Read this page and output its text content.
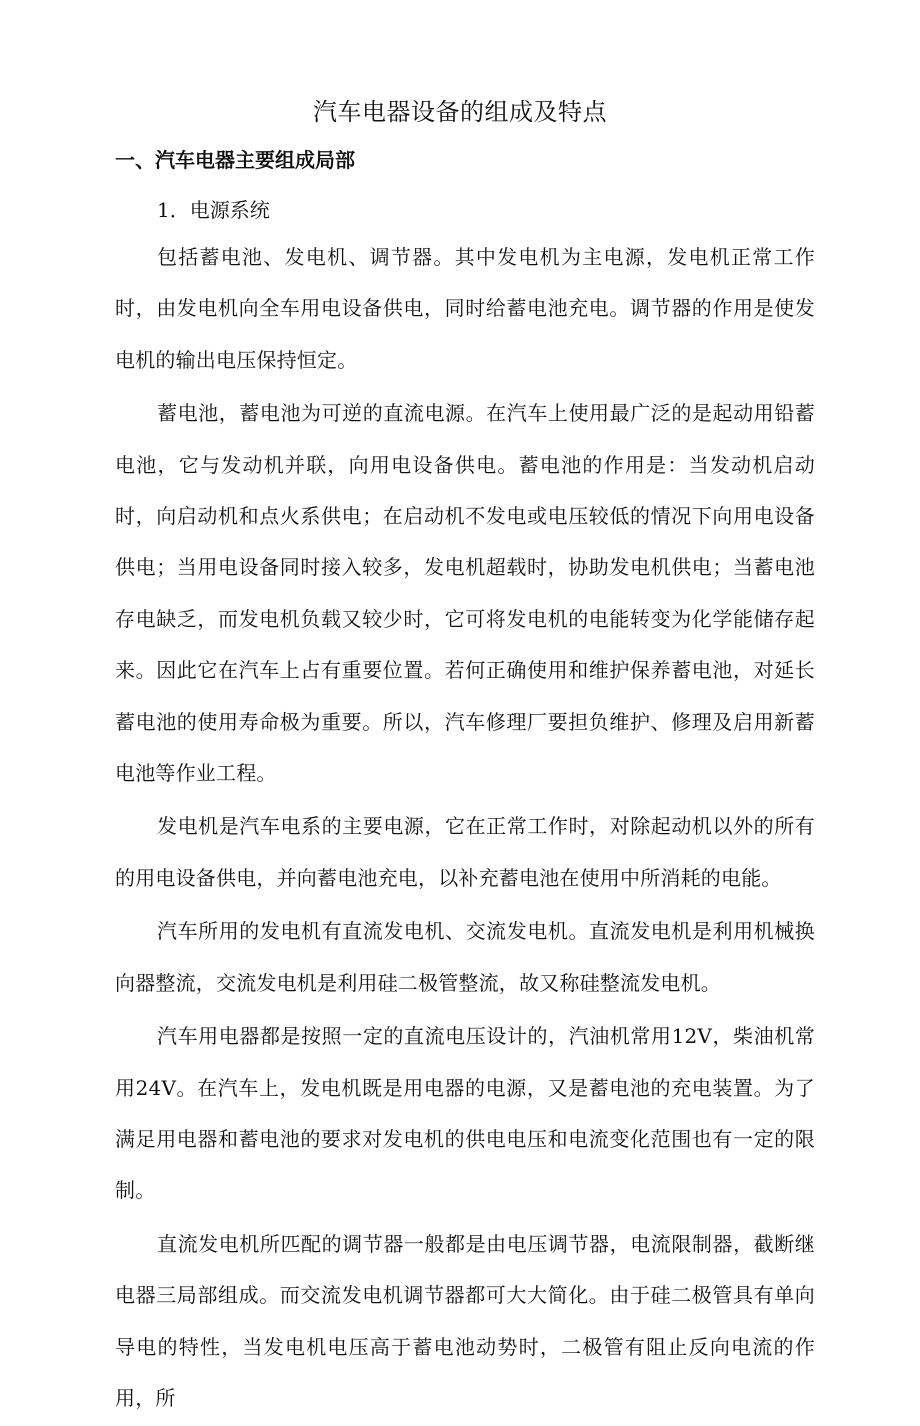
汽车电器设备的组成及特点
一、汽车电器主要组成局部
1．电源系统

包括蓄电池、发电机、调节器。其中发电机为主电源，发电机正常工作时，由发电机向全车用电设备供电，同时给蓄电池充电。调节器的作用是使发电机的输出电压保持恒定。

蓄电池，蓄电池为可逆的直流电源。在汽车上使用最广泛的是起动用铅蓄电池，它与发动机并联，向用电设备供电。蓄电池的作用是：当发动机启动时，向启动机和点火系供电；在启动机不发电或电压较低的情况下向用电设备供电；当用电设备同时接入较多，发电机超载时，协助发电机供电；当蓄电池存电缺乏，而发电机负载又较少时，它可将发电机的电能转变为化学能储存起来。因此它在汽车上占有重要位置。若何正确使用和维护保养蓄电池，对延长蓄电池的使用寿命极为重要。所以，汽车修理厂要担负维护、修理及启用新蓄电池等作业工程。

发电机是汽车电系的主要电源，它在正常工作时，对除起动机以外的所有的用电设备供电，并向蓄电池充电，以补充蓄电池在使用中所消耗的电能。

汽车所用的发电机有直流发电机、交流发电机。直流发电机是利用机械换向器整流，交流发电机是利用硅二极管整流，故又称硅整流发电机。

汽车用电器都是按照一定的直流电压设计的，汽油机常用12V，柴油机常用24V。在汽车上，发电机既是用电器的电源，又是蓄电池的充电装置。为了满足用电器和蓄电池的要求对发电机的供电电压和电流变化范围也有一定的限制。

直流发电机所匹配的调节器一般都是由电压调节器，电流限制器，截断继电器三局部组成。而交流发电机调节器都可大大简化。由于硅二极管具有单向导电的特性，当发电机电压高于蓄电池动势时，二极管有阻止反向电流的作用，所
